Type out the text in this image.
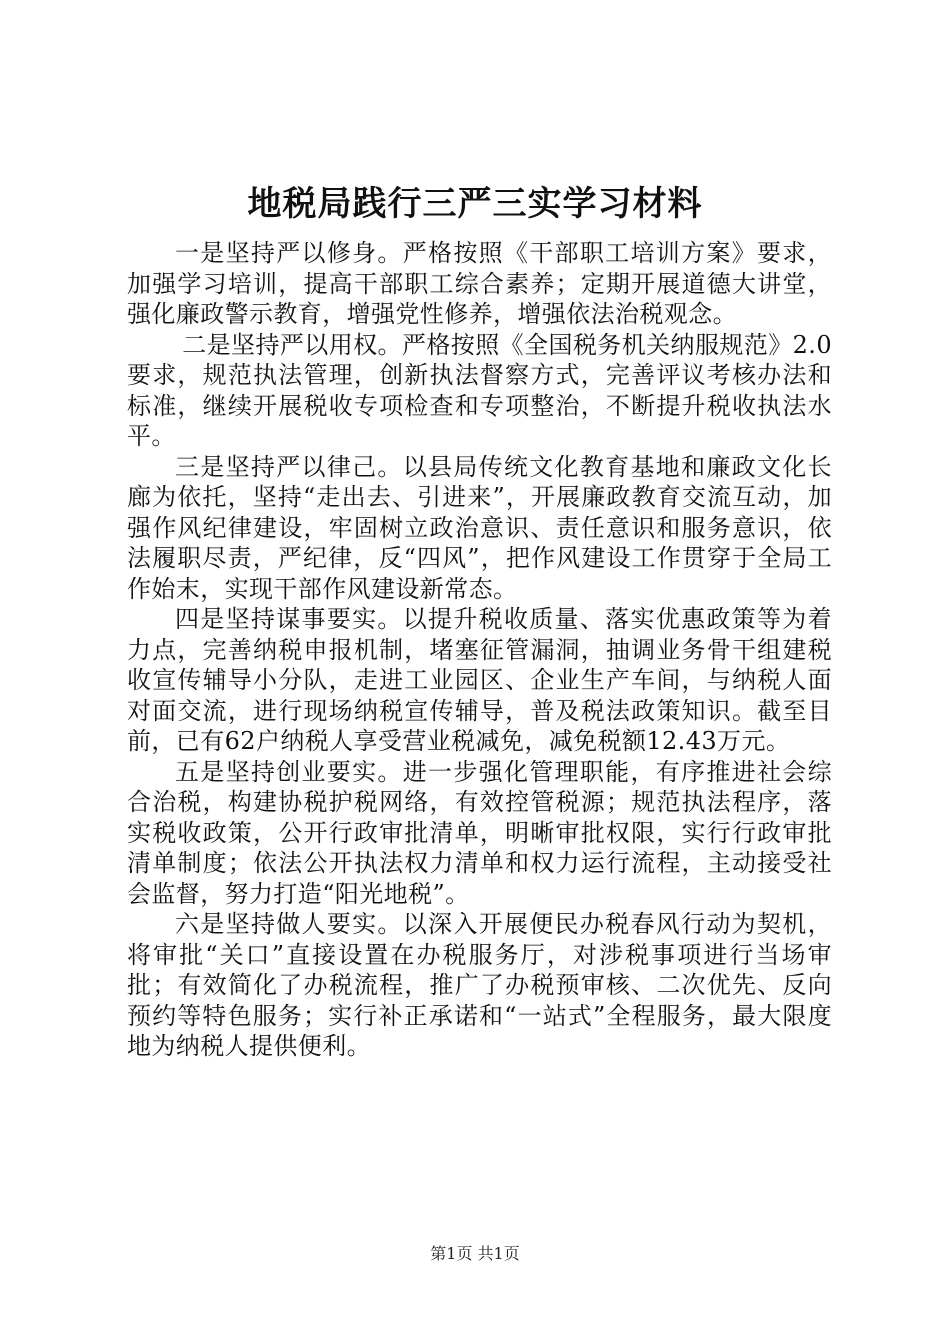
地税局践行三严三实学习材料

一是坚持严以修身。严格按照《干部职工培训方案》要求，加强学习培训，提高干部职工综合素养；定期开展道德大讲堂，强化廉政警示教育，增强党性修养，增强依法治税观念。

二是坚持严以用权。严格按照《全国税务机关纳服规范》2.0要求，规范执法管理，创新执法督察方式，完善评议考核办法和标准，继续开展税收专项检查和专项整治，不断提升税收执法水平。

三是坚持严以律己。以县局传统文化教育基地和廉政文化长廊为依托，坚持“走出去、引进来”，开展廉政教育交流互动，加强作风纪律建设，牢固树立政治意识、责任意识和服务意识，依法履职尽责，严纪律，反“四风”，把作风建设工作贯穿于全局工作始末，实现干部作风建设新常态。

四是坚持谋事要实。以提升税收质量、落实优惠政策等为着力点，完善纳税申报机制，堵塞征管漏洞，抽调业务骨干组建税收宣传辅导小分队，走进工业园区、企业生产车间，与纳税人面对面交流，进行现场纳税宣传辅导，普及税法政策知识。截至目前，已有62户纳税人享受营业税减免，减免税额12.43万元。

五是坚持创业要实。进一步强化管理职能，有序推进社会综合治税，构建协税护税网络，有效控管税源；规范执法程序，落实税收政策，公开行政审批清单，明晰审批权限，实行行政审批清单制度；依法公开执法权力清单和权力运行流程，主动接受社会监督，努力打造“阳光地税”。

六是坚持做人要实。以深入开展便民办税春风行动为契机，将审批“关口”直接设置在办税服务厅，对涉税事项进行当场审批；有效简化了办税流程，推广了办税预审核、二次优先、反向预约等特色服务；实行补正承诺和“一站式”全程服务，最大限度地为纳税人提供便利。

第1页 共1页
